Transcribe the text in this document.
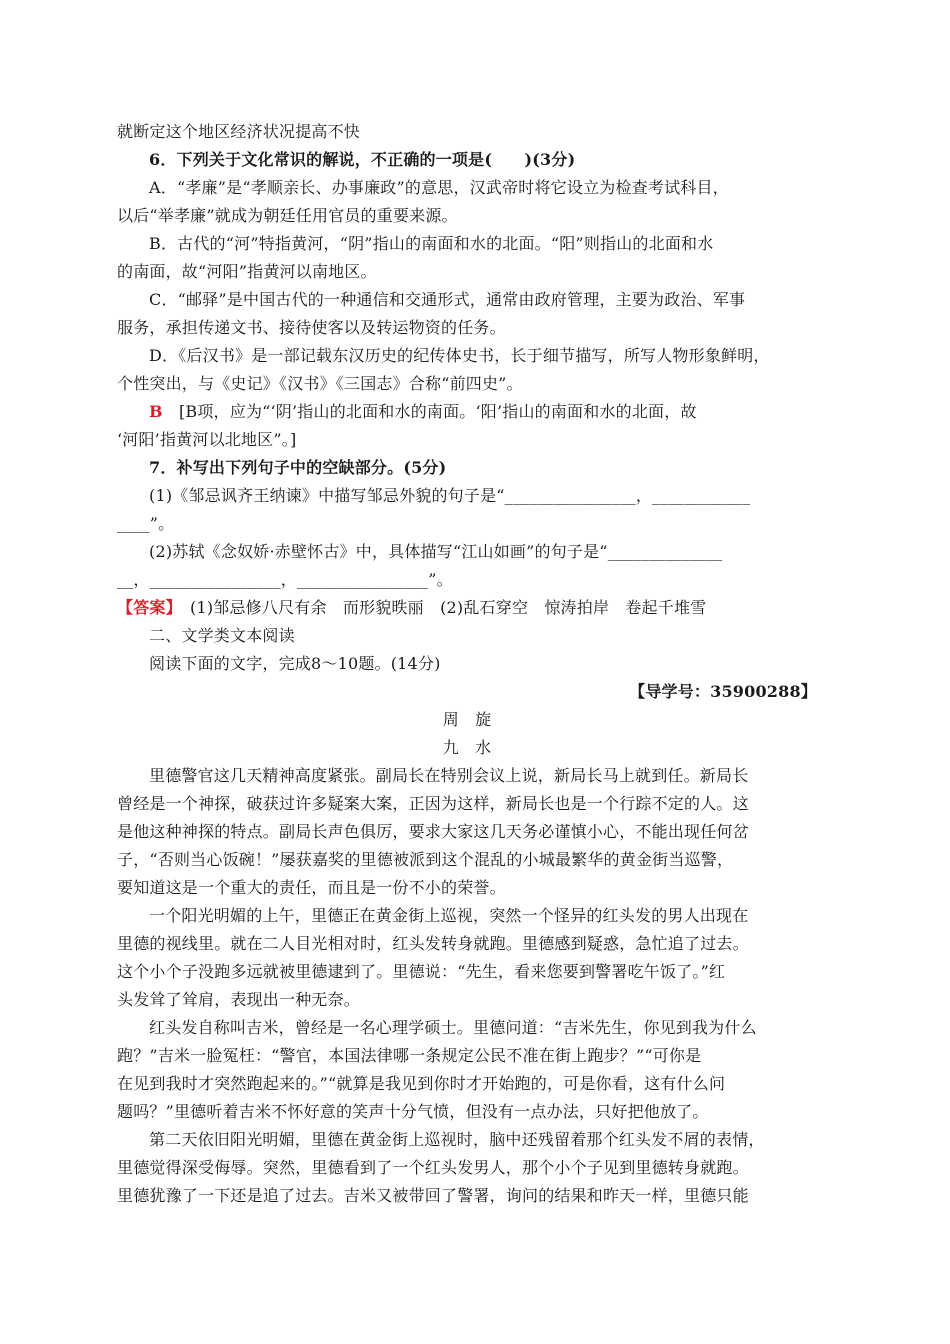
就断定这个地区经济状况提高不快
6．下列关于文化常识的解说，不正确的一项是(　　)(3分)
A．“孝廉”是“孝顺亲长、办事廉政”的意思，汉武帝时将它设立为检查考试科目，
以后“举孝廉”就成为朝廷任用官员的重要来源。
B．古代的“河”特指黄河，“阴”指山的南面和水的北面。“阳”则指山的北面和水
的南面，故“河阳”指黄河以南地区。
C．“邮驿”是中国古代的一种通信和交通形式，通常由政府管理，主要为政治、军事
服务，承担传递文书、接待使客以及转运物资的任务。
D．《后汉书》是一部记载东汉历史的纪传体史书，长于细节描写，所写人物形象鲜明，
个性突出，与《史记》《汉书》《三国志》合称“前四史”。
B　 [B项，应为“‘阴’指山的北面和水的南面。‘阳’指山的南面和水的北面，故
‘河阳’指黄河以北地区”。]
7．补写出下列句子中的空缺部分。(5分)
(1)《邹忌讽齐王纳谏》中描写邹忌外貌的句子是“________________，____________
____”。
(2)苏轼《念奴娇·赤壁怀古》中，具体描写“江山如画”的句子是“______________
__，________________，________________”。
【答案】　 (1)邹忌修八尺有余　而形貌昳丽　(2)乱石穿空　惊涛拍岸　卷起千堆雪
二、文学类文本阅读
阅读下面的文字，完成8～10题。(14分)
【导学号：35900288】
周　旋
九　水
里德警官这几天精神高度紧张。副局长在特别会议上说，新局长马上就到任。新局长
曾经是一个神探，破获过许多疑案大案，正因为这样，新局长也是一个行踪不定的人。这
是他这种神探的特点。副局长声色俱厉，要求大家这几天务必谨慎小心，不能出现任何岔
子，“否则当心饭碗！”屡获嘉奖的里德被派到这个混乱的小城最繁华的黄金街当巡警，
要知道这是一个重大的责任，而且是一份不小的荣誉。
一个阳光明媚的上午，里德正在黄金街上巡视，突然一个怪异的红头发的男人出现在
里德的视线里。就在二人目光相对时，红头发转身就跑。里德感到疑惑，急忙追了过去。
这个小个子没跑多远就被里德逮到了。里德说：“先生，看来您要到警署吃午饭了。”红
头发耸了耸肩，表现出一种无奈。
红头发自称叫吉米，曾经是一名心理学硕士。里德问道：“吉米先生，你见到我为什么
跑？”吉米一脸冤枉：“警官，本国法律哪一条规定公民不准在街上跑步？”“可你是
在见到我时才突然跑起来的。”“就算是我见到你时才开始跑的，可是你看，这有什么问
题吗？”里德听着吉米不怀好意的笑声十分气愤，但没有一点办法，只好把他放了。
第二天依旧阳光明媚，里德在黄金街上巡视时，脑中还残留着那个红头发不屑的表情，
里德觉得深受侮辱。突然，里德看到了一个红头发男人，那个小个子见到里德转身就跑。
里德犹豫了一下还是追了过去。吉米又被带回了警署，询问的结果和昨天一样，里德只能
